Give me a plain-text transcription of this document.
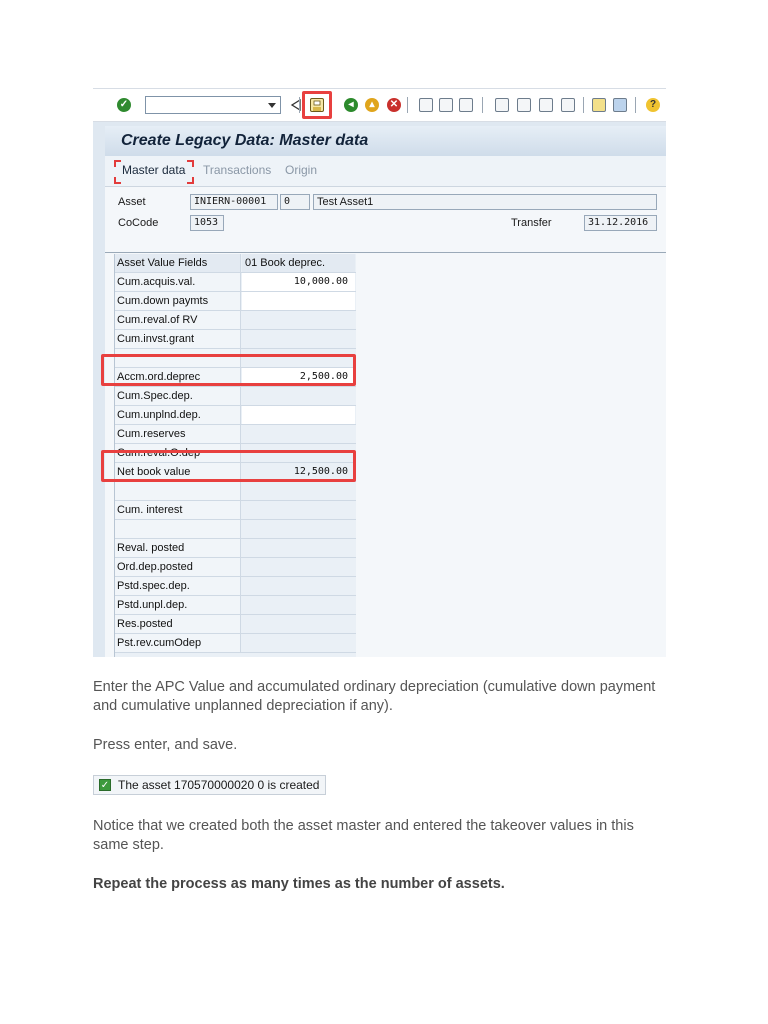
✓	◂	▴	✕	?
Create Legacy Data: Master data
Master data Transactions Origin
Asset	INIERN-00001	0	Test Asset1
CoCode	1053	Transfer	31.12.2016
Asset Value Fields	01 Book deprec.
Cum.acquis.val.	10,000.00
Cum.down paymts
Cum.reval.of RV
Cum.invst.grant
Accm.ord.deprec	2,500.00
Cum.Spec.dep.
Cum.unplnd.dep.
Cum.reserves
Cum.reval.O.dep
Net book value	12,500.00
Cum. interest
Reval. posted
Ord.dep.posted
Pstd.spec.dep.
Pstd.unpl.dep.
Res.posted
Pst.rev.cumOdep
Enter the APC Value and accumulated ordinary depreciation (cumulative down payment and cumulative unplanned depreciation if any).
Press enter, and save.
✓ The asset 170570000020 0 is created
Notice that we created both the asset master and entered the takeover values in this same step.
Repeat the process as many times as the number of assets.
